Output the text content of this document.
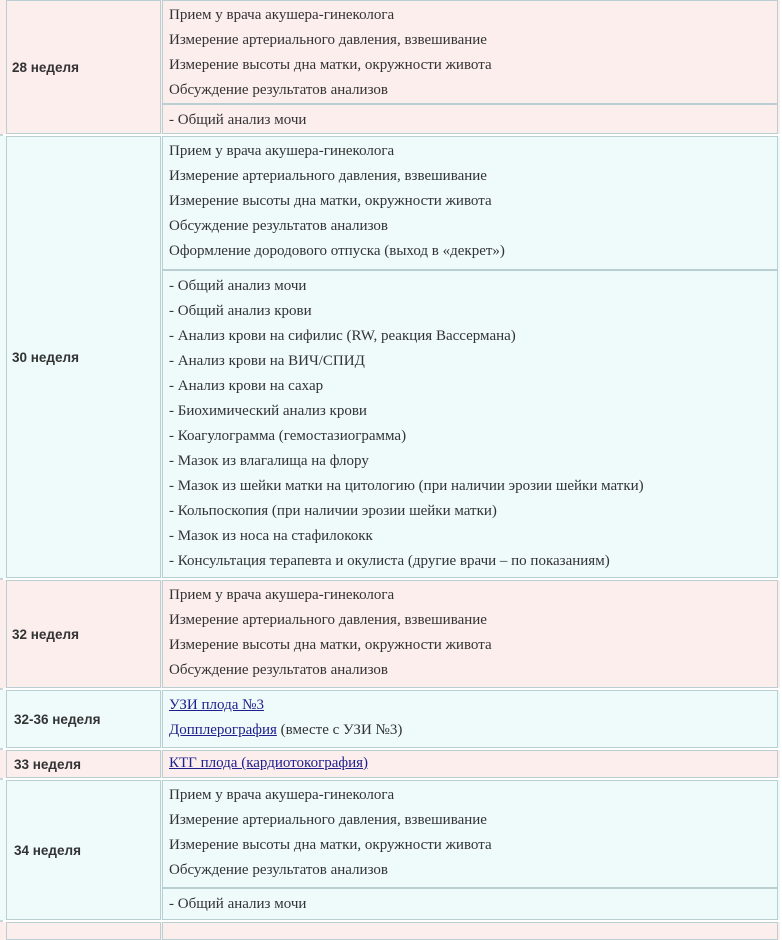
28 неделя
Прием у врача акушера-гинеколога
Измерение артериального давления, взвешивание
Измерение высоты дна матки, окружности живота
Обсуждение результатов анализов
- Общий анализ мочи
30 неделя
Прием у врача акушера-гинеколога
Измерение артериального давления, взвешивание
Измерение высоты дна матки, окружности живота
Обсуждение результатов анализов
Оформление дородового отпуска (выход в «декрет»)
- Общий анализ мочи
- Общий анализ крови
- Анализ крови на сифилис (RW, реакция Вассермана)
- Анализ крови на ВИЧ/СПИД
- Анализ крови на сахар
- Биохимический анализ крови
- Коагулограмма (гемостазиограмма)
- Мазок из влагалища на флору
- Мазок из шейки матки на цитологию (при наличии эрозии шейки матки)
- Кольпоскопия (при наличии эрозии шейки матки)
- Мазок из носа на стафилококк
- Консультация терапевта и окулиста (другие врачи – по показаниям)
32 неделя
Прием у врача акушера-гинеколога
Измерение артериального давления, взвешивание
Измерение высоты дна матки, окружности живота
Обсуждение результатов анализов
32-36 неделя
УЗИ плода №3
Допплерография (вместе с УЗИ №3)
33 неделя	КТГ плода (кардиотокография)
34 неделя
Прием у врача акушера-гинеколога
Измерение артериального давления, взвешивание
Измерение высоты дна матки, окружности живота
Обсуждение результатов анализов
- Общий анализ мочи
